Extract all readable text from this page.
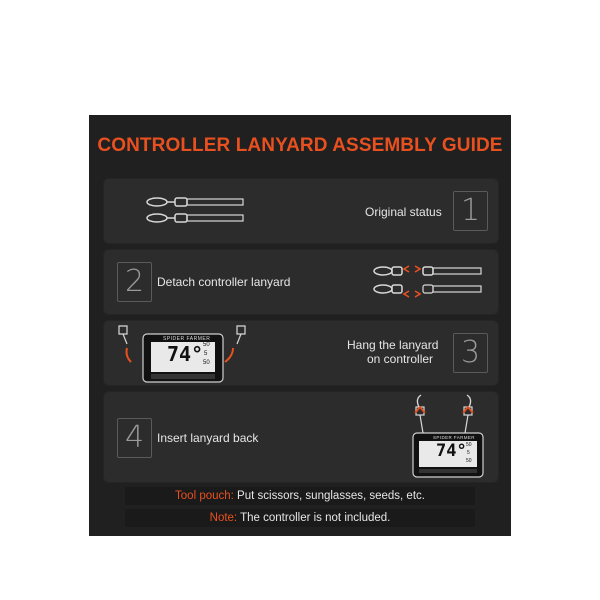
CONTROLLER LANYARD ASSEMBLY GUIDE
Original status 1
2	Detach controller lanyard
SPIDER FARMER
74° 50
5
50
Hang the lanyard
on controller 3
4	Insert lanyard back	SPIDER FARMER
74° 50
5
50
Tool pouch: Put scissors, sunglasses, seeds, etc.
Note: The controller is not included.
